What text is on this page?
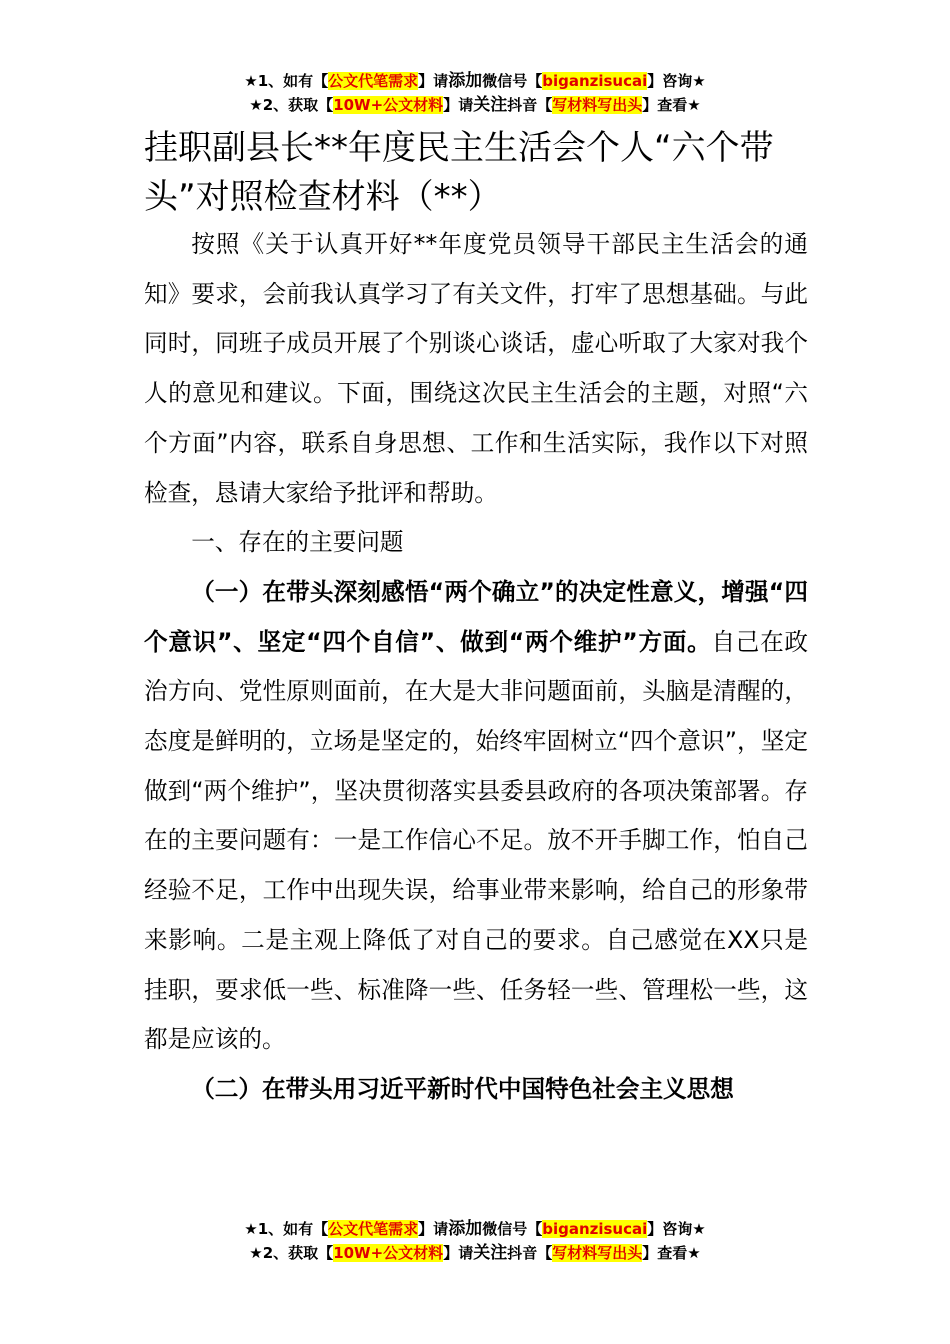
★1、如有【公文代笔需求】请添加微信号【biganzisucai】咨询★
★2、获取【10W+公文材料】请关注抖音【写材料写出头】查看★
挂职副县长**年度民主生活会个人“六个带头”对照检查材料（**）

按照《关于认真开好**年度党员领导干部民主生活会的通知》要求，会前我认真学习了有关文件，打牢了思想基础。与此同时，同班子成员开展了个别谈心谈话，虚心听取了大家对我个人的意见和建议。下面，围绕这次民主生活会的主题，对照“六个方面”内容，联系自身思想、工作和生活实际，我作以下对照检查，恳请大家给予批评和帮助。

一、存在的主要问题

（一）在带头深刻感悟“两个确立”的决定性意义，增强“四个意识”、坚定“四个自信”、做到“两个维护”方面。自己在政治方向、党性原则面前，在大是大非问题面前，头脑是清醒的，态度是鲜明的，立场是坚定的，始终牢固树立“四个意识”，坚定做到“两个维护”，坚决贯彻落实县委县政府的各项决策部署。存在的主要问题有：一是工作信心不足。放不开手脚工作，怕自己经验不足，工作中出现失误，给事业带来影响，给自己的形象带来影响。二是主观上降低了对自己的要求。自己感觉在XX只是挂职，要求低一些、标准降一些、任务轻一些、管理松一些，这都是应该的。

（二）在带头用习近平新时代中国特色社会主义思想

★1、如有【公文代笔需求】请添加微信号【biganzisucai】咨询★
★2、获取【10W+公文材料】请关注抖音【写材料写出头】查看★
